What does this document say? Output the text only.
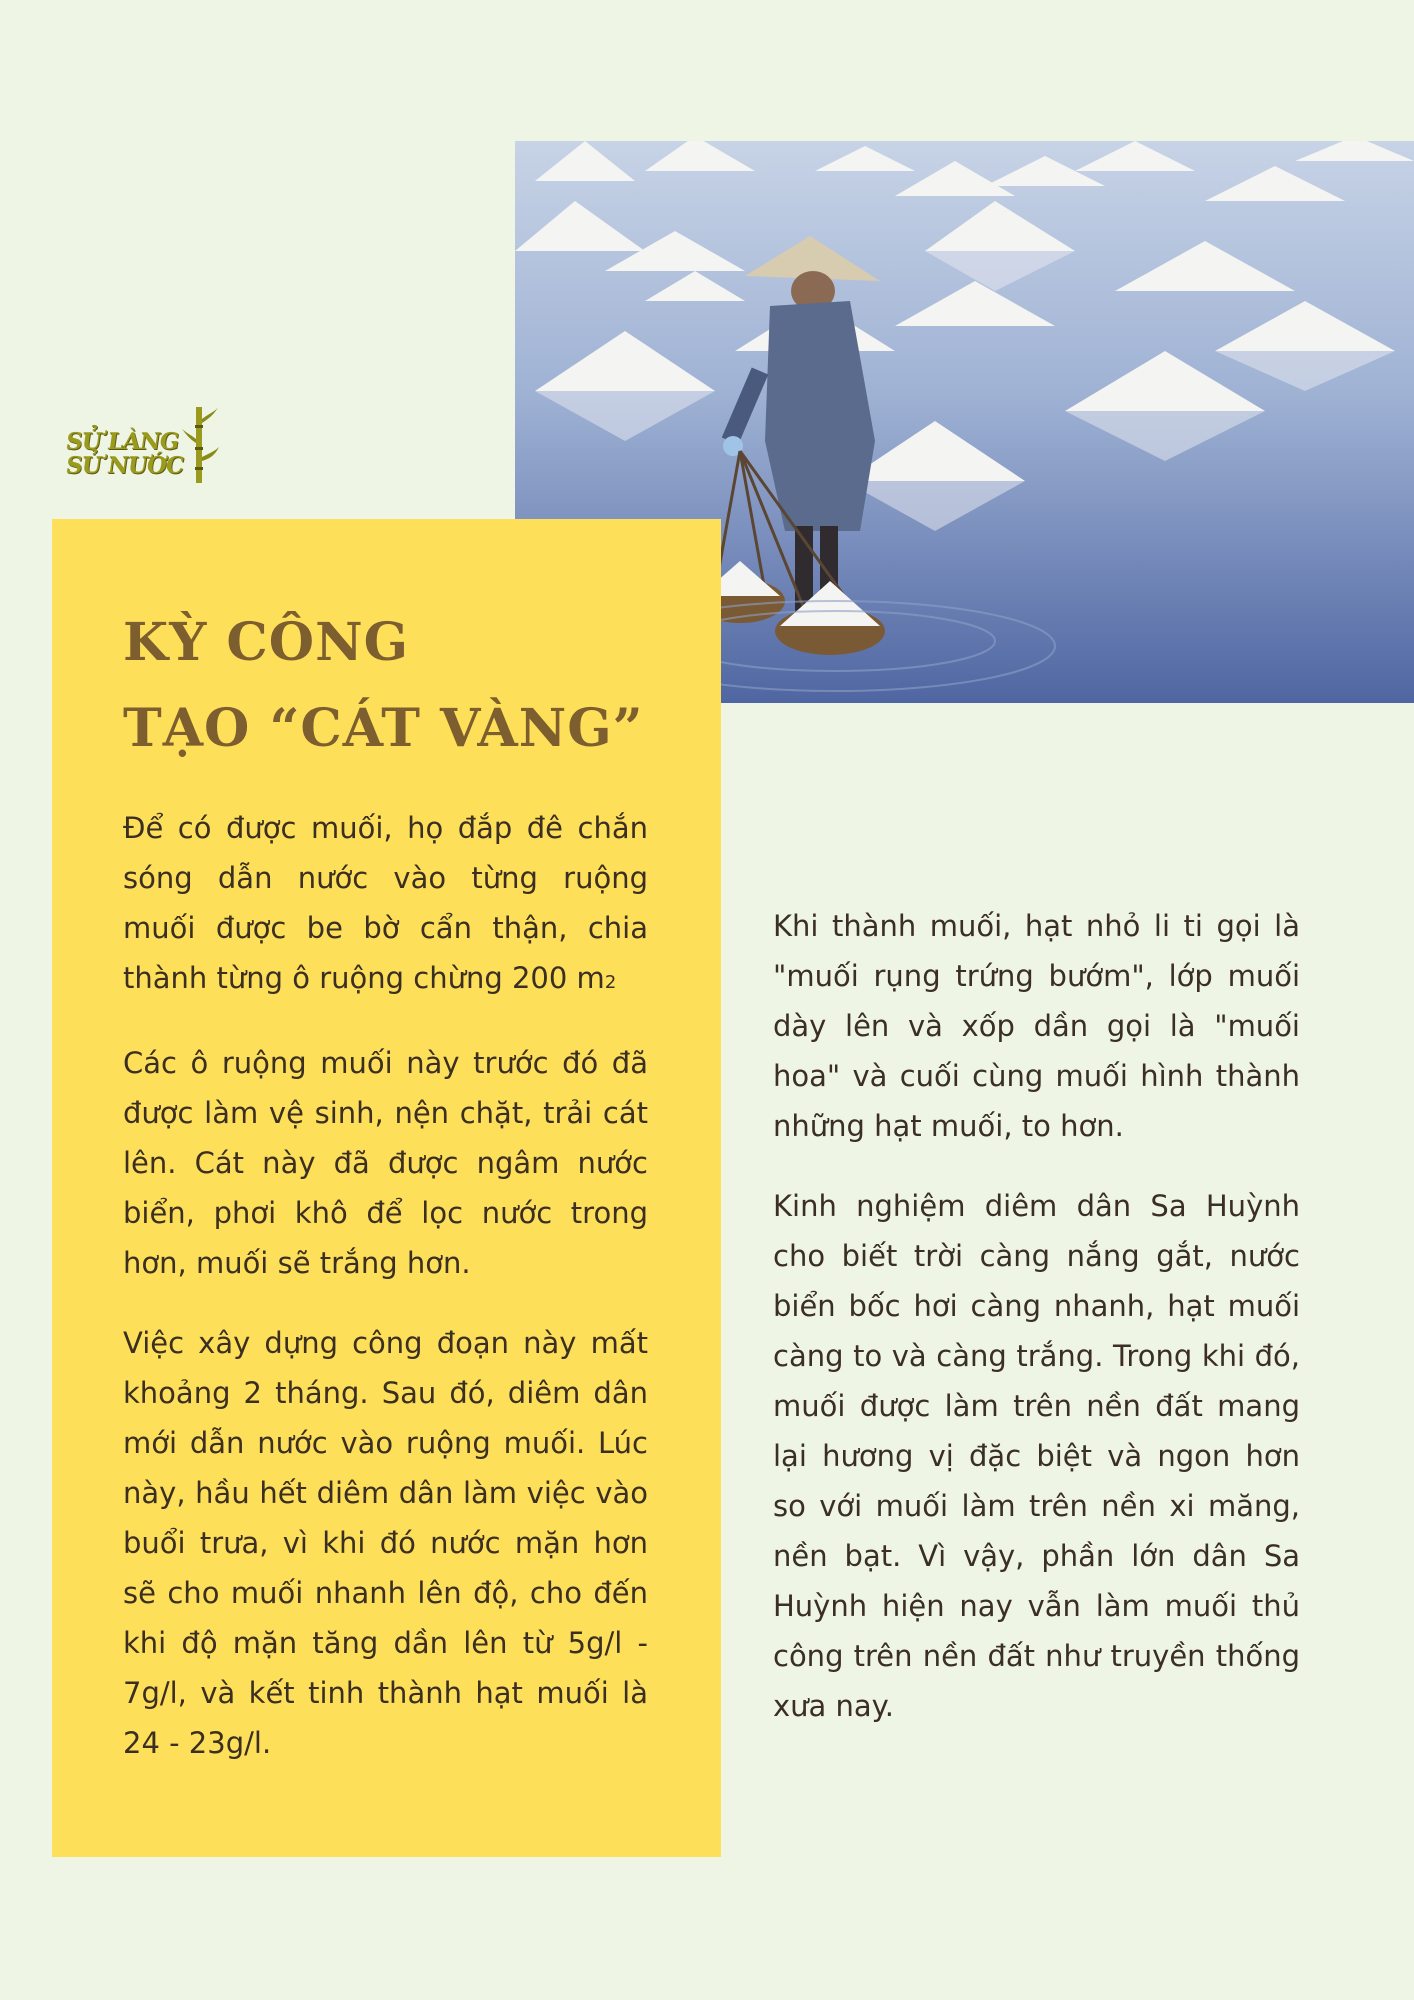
SỬ LÀNG
SỬ NƯỚC
KỲ CÔNG
TẠO “CÁT VÀNG”

Để có được muối, họ đắp đê chắn sóng dẫn nước vào từng ruộng muối được be bờ cẩn thận, chia thành từng ô ruộng chừng 200 m2

Các ô ruộng muối này trước đó đã được làm vệ sinh, nện chặt, trải cát lên. Cát này đã được ngâm nước biển, phơi khô để lọc nước trong hơn, muối sẽ trắng hơn.

Việc xây dựng công đoạn này mất khoảng 2 tháng. Sau đó, diêm dân mới dẫn nước vào ruộng muối. Lúc này, hầu hết diêm dân làm việc vào buổi trưa, vì khi đó nước mặn hơn sẽ cho muối nhanh lên độ, cho đến khi độ mặn tăng dần lên từ 5g/l - 7g/l, và kết tinh thành hạt muối là 24 - 23g/l.

Khi thành muối, hạt nhỏ li ti gọi là "muối rụng trứng bướm", lớp muối dày lên và xốp dần gọi là "muối hoa" và cuối cùng muối hình thành những hạt muối, to hơn.

Kinh nghiệm diêm dân Sa Huỳnh cho biết trời càng nắng gắt, nước biển bốc hơi càng nhanh, hạt muối càng to và càng trắng. Trong khi đó, muối được làm trên nền đất mang lại hương vị đặc biệt và ngon hơn so với muối làm trên nền xi măng, nền bạt. Vì vậy, phần lớn dân Sa Huỳnh hiện nay vẫn làm muối thủ công trên nền đất như truyền thống xưa nay.
